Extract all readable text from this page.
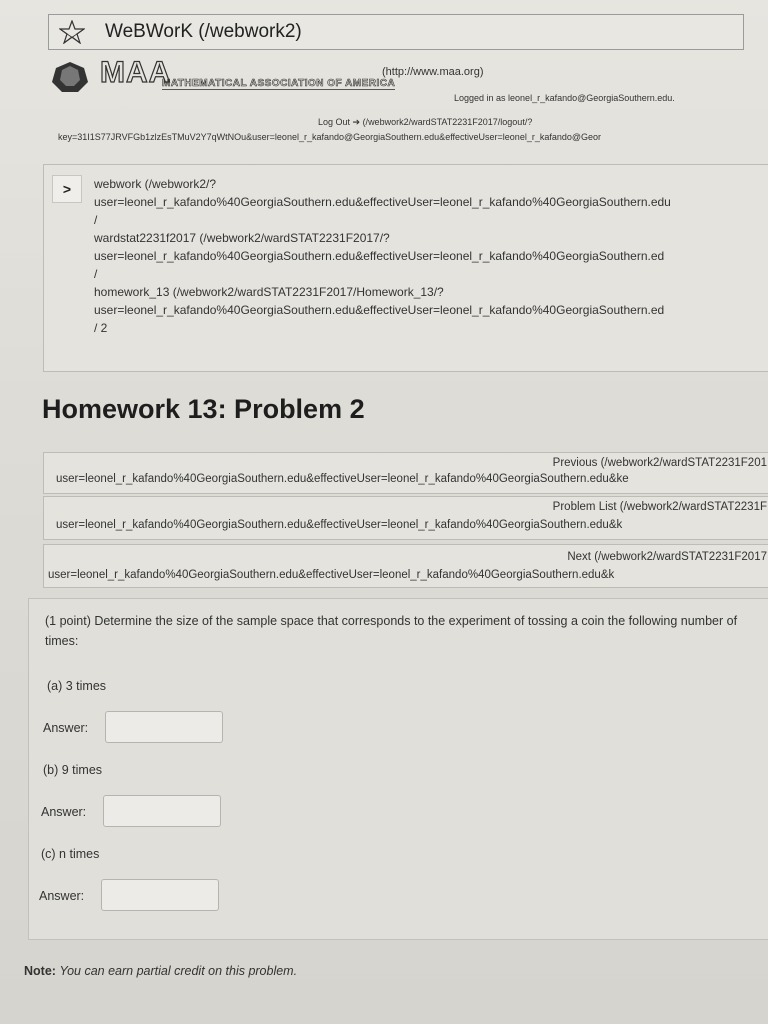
WeBWorK (/webwork2)
MAA
MATHEMATICAL ASSOCIATION OF AMERICA
(http://www.maa.org)
Logged in as leonel_r_kafando@GeorgiaSouthern.edu.
Log Out ➔ (/webwork2/wardSTAT2231F2017/logout/?
key=31I1S77JRVFGb1zlzEsTMuV2Y7qWtNOu&user=leonel_r_kafando@GeorgiaSouthern.edu&effectiveUser=leonel_r_kafando@Geor
>	webwork (/webwork2/?
user=leonel_r_kafando%40GeorgiaSouthern.edu&effectiveUser=leonel_r_kafando%40GeorgiaSouthern.edu
/
wardstat2231f2017 (/webwork2/wardSTAT2231F2017/?
user=leonel_r_kafando%40GeorgiaSouthern.edu&effectiveUser=leonel_r_kafando%40GeorgiaSouthern.ed
/
homework_13 (/webwork2/wardSTAT2231F2017/Homework_13/?
user=leonel_r_kafando%40GeorgiaSouthern.edu&effectiveUser=leonel_r_kafando%40GeorgiaSouthern.ed
/ 2
Homework 13: Problem 2
Previous (/webwork2/wardSTAT2231F201
user=leonel_r_kafando%40GeorgiaSouthern.edu&effectiveUser=leonel_r_kafando%40GeorgiaSouthern.edu&ke
Problem List (/webwork2/wardSTAT2231F
user=leonel_r_kafando%40GeorgiaSouthern.edu&effectiveUser=leonel_r_kafando%40GeorgiaSouthern.edu&k
Next (/webwork2/wardSTAT2231F2017
user=leonel_r_kafando%40GeorgiaSouthern.edu&effectiveUser=leonel_r_kafando%40GeorgiaSouthern.edu&k
(1 point) Determine the size of the sample space that corresponds to the experiment of tossing a coin the following number of times:
(a) 3 times
Answer:
(b) 9 times
Answer:
(c) n times
Answer:
Note: You can earn partial credit on this problem.
